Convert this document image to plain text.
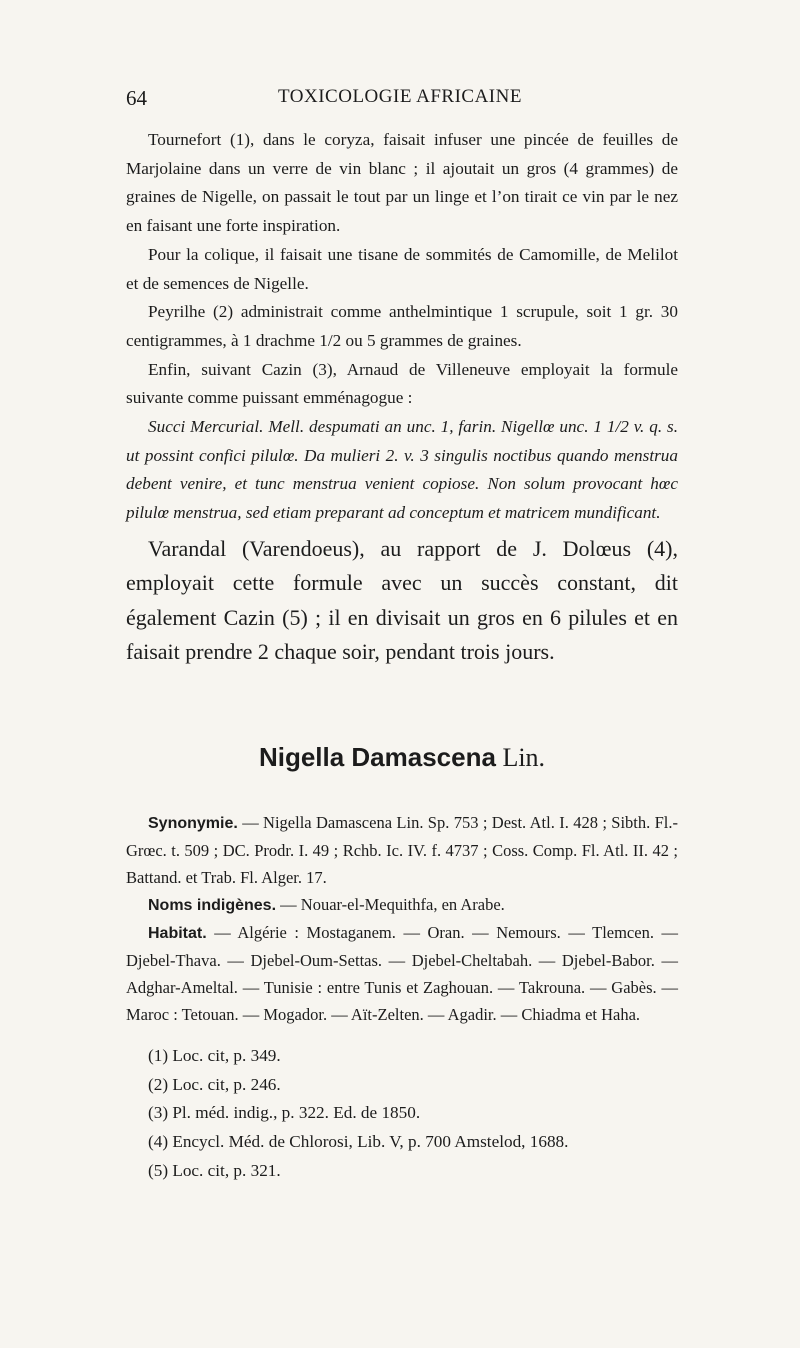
64	TOXICOLOGIE AFRICAINE

Tournefort (1), dans le coryza, faisait infuser une pincée de feuilles de Marjolaine dans un verre de vin blanc ; il ajoutait un gros (4 grammes) de graines de Nigelle, on passait le tout par un linge et l’on tirait ce vin par le nez en faisant une forte inspiration.

Pour la colique, il faisait une tisane de sommités de Camomille, de Melilot et de semences de Nigelle.

Peyrilhe (2) administrait comme anthelmintique 1 scrupule, soit 1 gr. 30 centigrammes, à 1 drachme 1/2 ou 5 grammes de graines.

Enfin, suivant Cazin (3), Arnaud de Villeneuve employait la formule suivante comme puissant emménagogue :

Succi Mercurial. Mell. despumati an unc. 1, farin. Nigellœ unc. 1 1/2 v. q. s. ut possint confici pilulœ. Da mulieri 2. v. 3 singulis noctibus quando menstrua debent venire, et tunc menstrua venient copiose. Non solum provocant hœc pilulœ menstrua, sed etiam preparant ad conceptum et matricem mundificant.

Varandal (Varendoeus), au rapport de J. Dolœus (4), employait cette formule avec un succès constant, dit également Cazin (5) ; il en divisait un gros en 6 pilules et en faisait prendre 2 chaque soir, pendant trois jours.

Nigella Damascena Lin.

Synonymie. — Nigella Damascena Lin. Sp. 753 ; Dest. Atl. I. 428 ; Sibth. Fl.-Grœc. t. 509 ; DC. Prodr. I. 49 ; Rchb. Ic. IV. f. 4737 ; Coss. Comp. Fl. Atl. II. 42 ; Battand. et Trab. Fl. Alger. 17.

Noms indigènes. — Nouar-el-Mequithfa, en Arabe.

Habitat. — Algérie : Mostaganem. — Oran. — Nemours. — Tlemcen. — Djebel-Thava. — Djebel-Oum-Settas. — Djebel-Cheltabah. — Djebel-Babor. — Adghar-Ameltal. — Tunisie : entre Tunis et Zaghouan. — Takrouna. — Gabès. — Maroc : Tetouan. — Mogador. — Aït-Zelten. — Agadir. — Chiadma et Haha.

(1) Loc. cit, p. 349.

(2) Loc. cit, p. 246.

(3) Pl. méd. indig., p. 322. Ed. de 1850.

(4) Encycl. Méd. de Chlorosi, Lib. V, p. 700 Amstelod, 1688.

(5) Loc. cit, p. 321.
